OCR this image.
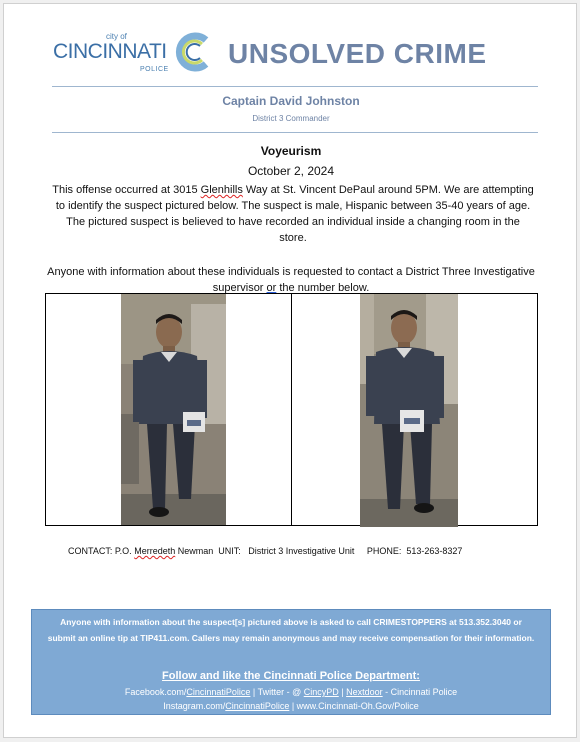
city of
CINCINNATI
POLICE
UNSOLVED CRIME
Captain David Johnston
District 3 Commander
Voyeurism
October 2, 2024
This offense occurred at 3015 Glenhills Way at St. Vincent DePaul around 5PM. We are attempting to identify the suspect pictured below. The suspect is male, Hispanic between 35-40 years of age. The pictured suspect is believed to have recorded an individual inside a changing room in the store.
Anyone with information about these individuals is requested to contact a District Three Investigative supervisor or the number below.
CONTACT: P.O. Merredeth Newman UNIT: District 3 Investigative Unit PHONE: 513-263-8327
Anyone with information about the suspect[s] pictured above is asked to call CRIMESTOPPERS at 513.352.3040 or submit an online tip at TIP411.com. Callers may remain anonymous and may receive compensation for their information.
Follow and like the Cincinnati Police Department:
Facebook.com/CincinnatiPolice | Twitter - @ CincyPD | Nextdoor - Cincinnati Police
Instagram.com/CincinnatiPolice | www.Cincinnati-Oh.Gov/Police
